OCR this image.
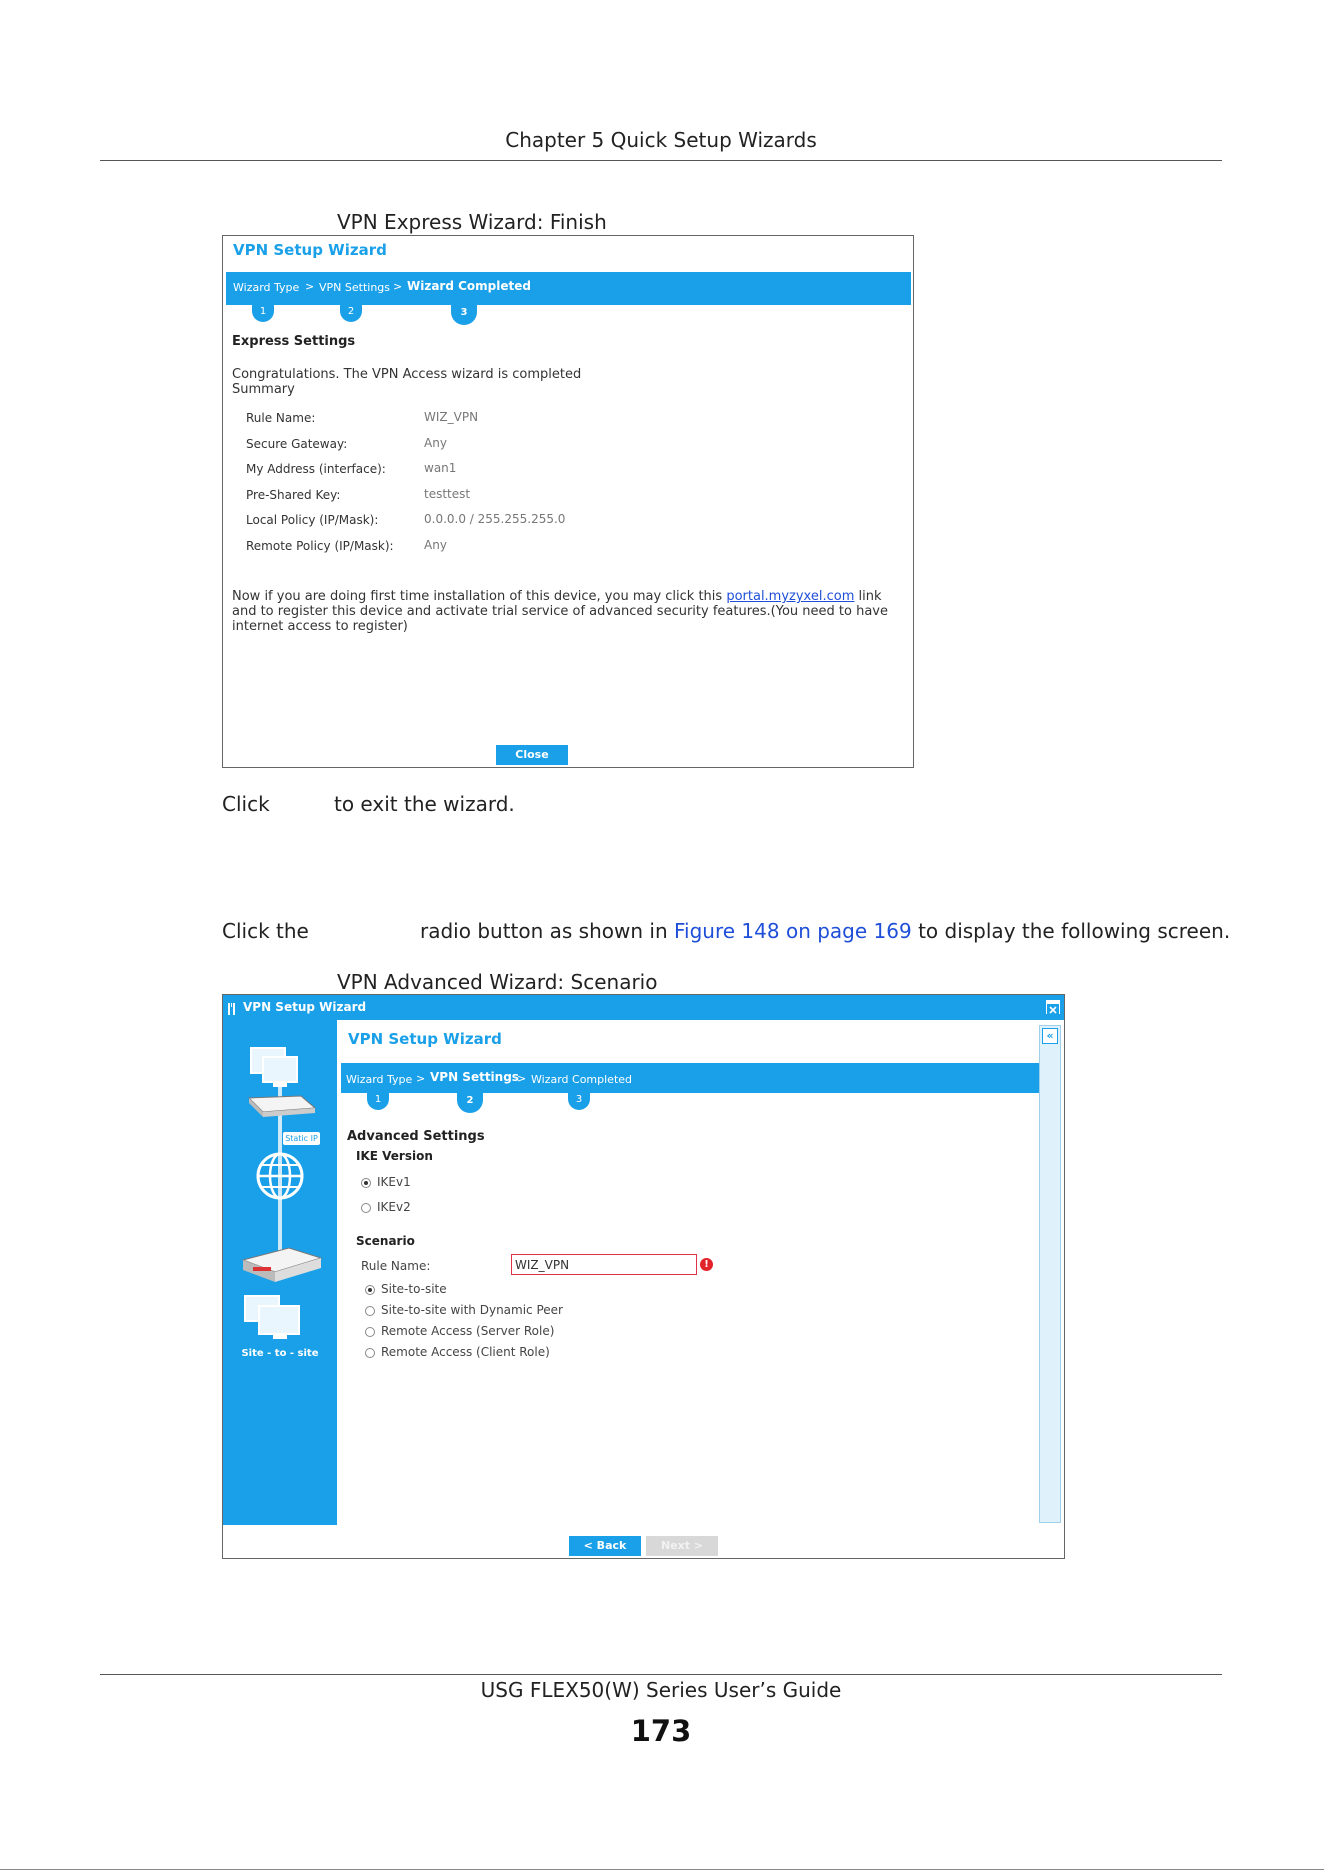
Chapter 5 Quick Setup Wizards
VPN Express Wizard: Finish
VPN Setup Wizard
Wizard Type > VPN Settings > Wizard Completed
1	2	3
Express Settings
Congratulations. The VPN Access wizard is completed
Summary
Rule Name:	WIZ_VPN
Secure Gateway:	Any
My Address (interface):	wan1
Pre-Shared Key:	testtest
Local Policy (IP/Mask):	0.0.0.0 / 255.255.255.0
Remote Policy (IP/Mask):	Any
Now if you are doing first time installation of this device, you may click this portal.myzyxel.com link and to register this device and activate trial service of advanced security features.(You need to have internet access to register)
Close
Click	to exit the wizard.
Click the	radio button as shown in Figure 148 on page 169 to display the following screen.
VPN Advanced Wizard: Scenario
VPN Setup Wizard
Static IP
Site - to - site
VPN Setup Wizard
Wizard Type > VPN Settings
> Wizard Completed
1	2	3
Advanced Settings
IKE Version
IKEv1
IKEv2
Scenario
Rule Name:	WIZ_VPN	!
Site-to-site
Site-to-site with Dynamic Peer
Remote Access (Server Role)
Remote Access (Client Role)
«
< Back	Next >
USG FLEX50(W) Series User’s Guide
173
